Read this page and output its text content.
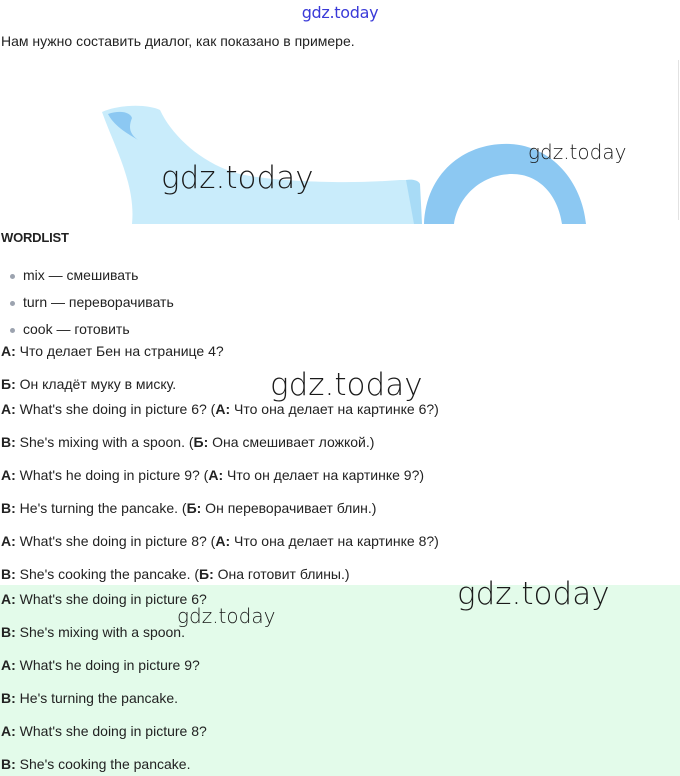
gdz.today
Нам нужно составить диалог, как показано в примере.
gdz.today
gdz.today
WORDLIST
mix — смешивать
turn — переворачивать
cook — готовить
А: Что делает Бен на странице 4?
Б: Он кладёт муку в миску.	gdz.today
A: What's she doing in picture 6? (A: Что она делает на картинке 6?)
B: She's mixing with a spoon. (Б: Она смешивает ложкой.)
A: What's he doing in picture 9? (A: Что он делает на картинке 9?)
B: He's turning the pancake. (Б: Он переворачивает блин.)
A: What's she doing in picture 8? (A: Что она делает на картинке 8?)
B: She's cooking the pancake. (Б: Она готовит блины.)
A: What's she doing in picture 6?
B: She's mixing with a spoon.
A: What's he doing in picture 9?
B: He's turning the pancake.
A: What's she doing in picture 8?
B: She's cooking the pancake.
gdz.today
gdz.today
